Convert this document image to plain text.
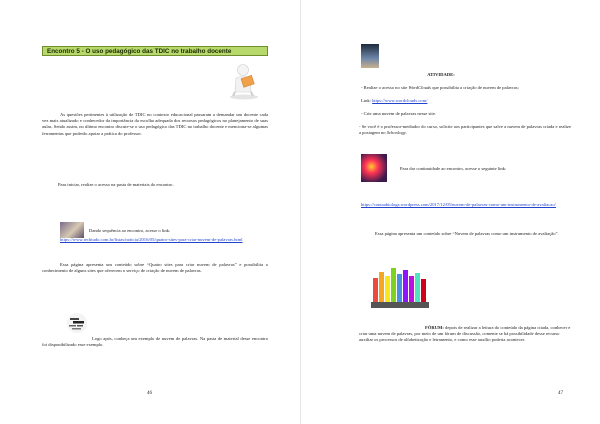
Encontro 5 - O uso pedagógico das TDIC no trabalho docente

As questões pertinentes à utilização de TDIC no contexto educacional passaram a demandar um docente cada vez mais atualizado e conhecedor da importância da escolha adequada dos recursos pedagógicos no planejamento de suas aulas. Sendo assim, no último encontro discute-se o uso pedagógico das TDIC no trabalho docente e menciona-se algumas ferramentas que poderão apoiar a prática do professor.

Para iniciar, realize o acesso na pasta de materiais do encontro.

Dando sequência ao encontro, acesse o link:

https://www.techtudo.com.br/listas/noticia/2016/05/quatro-sites-para-criar-nuvem-de-palavras.html

Essa página apresenta um conteúdo sobre “Quatro sites para criar nuvem de palavras” e possibilita o conhecimento de alguns sites que oferecem o serviço de criação de nuvem de palavras.

Logo após, conheça um exemplo de nuvem de palavras. Na pasta de material desse encontro foi disponibilizado esse exemplo.

46

ATIVIDADE:

- Realize o acesso no site WordClouds que possibilita a criação de nuvem de palavras;

Link: https://www.wordclouds.com/

- Crie uma nuvem de palavras nesse site.

- Se você é o professor-mediador do curso, solicite aos participantes que salve a nuvem de palavras criada e realize a postagem no Schoology.

Para dar continuidade ao encontro, acesse o seguinte link:

https://contaabiologa.wordpress.com/2017/12/05/nuvem-de-palavras-como-um-instrumento-de-avaliacao/

Essa página apresenta um conteúdo sobre “Nuvem de palavras como um instrumento de avaliação”.

FÓRUM: depois de realizar a leitura do conteúdo da página citada, conhecer e criar uma nuvem de palavras, por meio de um fórum de discussão, comente se há possibilidade desse recurso auxiliar os processos de alfabetização e letramento, e como esse auxílio poderia acontecer.

47
